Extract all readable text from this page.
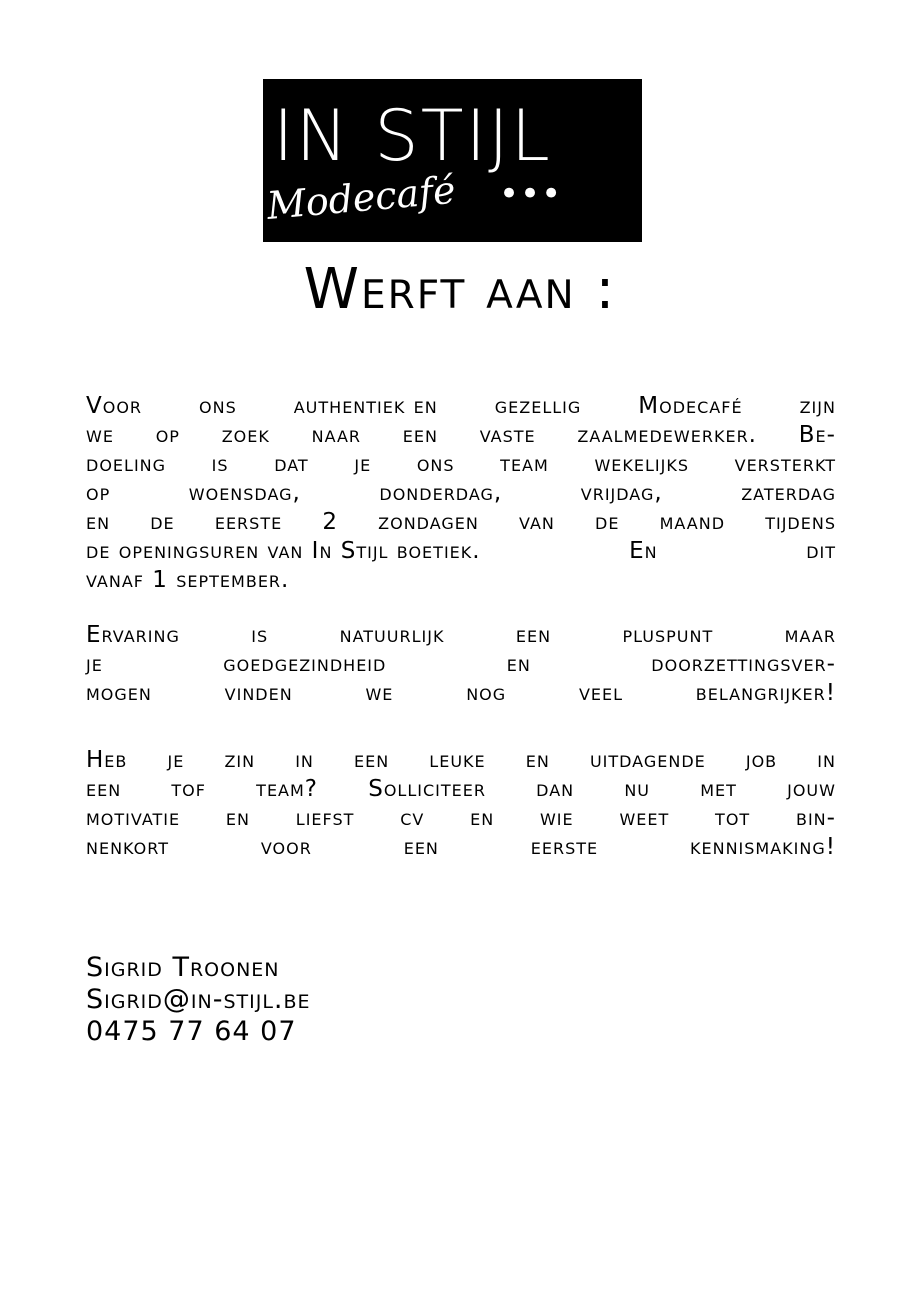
IN STIJL
•••
Modecafé
Werft aan :
Voor ons authentiek en gezellig Modecafé zijn
we op zoek naar een vaste zaalmedewerker. Be-
doeling is dat je ons team wekelijks versterkt
op	woensdag,	donderdag,	vrijdag,	zaterdag
en de eerste 2 zondagen van de maand tijdens
de openingsuren van In Stijl boetiek.	En	dit
vanaf 1 september.
Ervaring	is	natuurlijk	een	pluspunt	maar
je	goedgezindheid	en	doorzettingsver-
mogen	vinden	we	nog	veel	belangrijker!
Heb je zin in een leuke en uitdagende job in
een tof team? Solliciteer dan nu met jouw
motivatie en liefst cv en wie weet tot bin-
nenkort	voor	een	eerste	kennismaking!
Sigrid Troonen
Sigrid@in-stijl.be
0475 77 64 07
